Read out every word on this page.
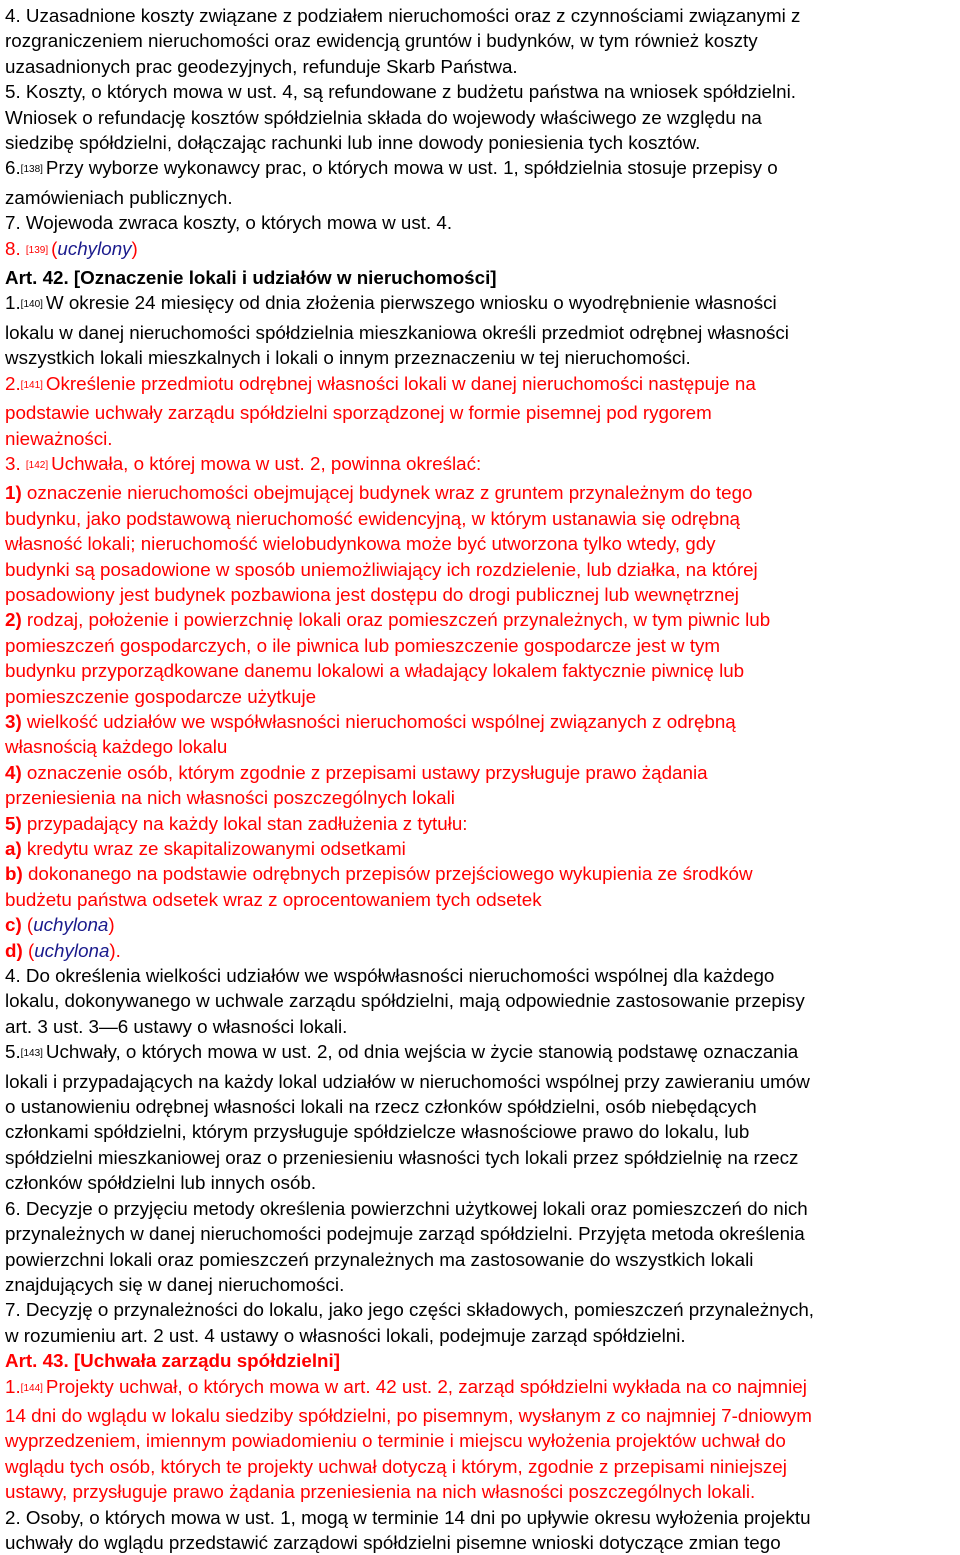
4. Uzasadnione koszty związane z podziałem nieruchomości oraz z czynnościami związanymi z
rozgraniczeniem nieruchomości oraz ewidencją gruntów i budynków, w tym również koszty
uzasadnionych prac geodezyjnych, refunduje Skarb Państwa.
5. Koszty, o których mowa w ust. 4, są refundowane z budżetu państwa na wniosek spółdzielni.
Wniosek o refundację kosztów spółdzielnia składa do wojewody właściwego ze względu na
siedzibę spółdzielni, dołączając rachunki lub inne dowody poniesienia tych kosztów.
6.[138] Przy wyborze wykonawcy prac, o których mowa w ust. 1, spółdzielnia stosuje przepisy o
zamówieniach publicznych.
7. Wojewoda zwraca koszty, o których mowa w ust. 4.
8. [139] (uchylony)
Art. 42. [Oznaczenie lokali i udziałów w nieruchomości]
1.[140] W okresie 24 miesięcy od dnia złożenia pierwszego wniosku o wyodrębnienie własności
lokalu w danej nieruchomości spółdzielnia mieszkaniowa określi przedmiot odrębnej własności
wszystkich lokali mieszkalnych i lokali o innym przeznaczeniu w tej nieruchomości.
2.[141] Określenie przedmiotu odrębnej własności lokali w danej nieruchomości następuje na
podstawie uchwały zarządu spółdzielni sporządzonej w formie pisemnej pod rygorem
nieważności.
3. [142] Uchwała, o której mowa w ust. 2, powinna określać:
1) oznaczenie nieruchomości obejmującej budynek wraz z gruntem przynależnym do tego
budynku, jako podstawową nieruchomość ewidencyjną, w którym ustanawia się odrębną
własność lokali; nieruchomość wielobudynkowa może być utworzona tylko wtedy, gdy
budynki są posadowione w sposób uniemożliwiający ich rozdzielenie, lub działka, na której
posadowiony jest budynek pozbawiona jest dostępu do drogi publicznej lub wewnętrznej
2) rodzaj, położenie i powierzchnię lokali oraz pomieszczeń przynależnych, w tym piwnic lub
pomieszczeń gospodarczych, o ile piwnica lub pomieszczenie gospodarcze jest w tym
budynku przyporządkowane danemu lokalowi a władający lokalem faktycznie piwnicę lub
pomieszczenie gospodarcze użytkuje
3) wielkość udziałów we współwłasności nieruchomości wspólnej związanych z odrębną
własnością każdego lokalu
4) oznaczenie osób, którym zgodnie z przepisami ustawy przysługuje prawo żądania
przeniesienia na nich własności poszczególnych lokali
5) przypadający na każdy lokal stan zadłużenia z tytułu:
a) kredytu wraz ze skapitalizowanymi odsetkami
b) dokonanego na podstawie odrębnych przepisów przejściowego wykupienia ze środków
budżetu państwa odsetek wraz z oprocentowaniem tych odsetek
c) (uchylona)
d) (uchylona).
4. Do określenia wielkości udziałów we współwłasności nieruchomości wspólnej dla każdego
lokalu, dokonywanego w uchwale zarządu spółdzielni, mają odpowiednie zastosowanie przepisy
art. 3 ust. 3—6 ustawy o własności lokali.
5.[143] Uchwały, o których mowa w ust. 2, od dnia wejścia w życie stanowią podstawę oznaczania
lokali i przypadających na każdy lokal udziałów w nieruchomości wspólnej przy zawieraniu umów
o ustanowieniu odrębnej własności lokali na rzecz członków spółdzielni, osób niebędących
członkami spółdzielni, którym przysługuje spółdzielcze własnościowe prawo do lokalu, lub
spółdzielni mieszkaniowej oraz o przeniesieniu własności tych lokali przez spółdzielnię na rzecz
członków spółdzielni lub innych osób.
6. Decyzje o przyjęciu metody określenia powierzchni użytkowej lokali oraz pomieszczeń do nich
przynależnych w danej nieruchomości podejmuje zarząd spółdzielni. Przyjęta metoda określenia
powierzchni lokali oraz pomieszczeń przynależnych ma zastosowanie do wszystkich lokali
znajdujących się w danej nieruchomości.
7. Decyzję o przynależności do lokalu, jako jego części składowych, pomieszczeń przynależnych,
w rozumieniu art. 2 ust. 4 ustawy o własności lokali, podejmuje zarząd spółdzielni.
Art. 43. [Uchwała zarządu spółdzielni]
1.[144] Projekty uchwał, o których mowa w art. 42 ust. 2, zarząd spółdzielni wykłada na co najmniej
14 dni do wglądu w lokalu siedziby spółdzielni, po pisemnym, wysłanym z co najmniej 7-dniowym
wyprzedzeniem, imiennym powiadomieniu o terminie i miejscu wyłożenia projektów uchwał do
wglądu tych osób, których te projekty uchwał dotyczą i którym, zgodnie z przepisami niniejszej
ustawy, przysługuje prawo żądania przeniesienia na nich własności poszczególnych lokali.
2. Osoby, o których mowa w ust. 1, mogą w terminie 14 dni po upływie okresu wyłożenia projektu
uchwały do wglądu przedstawić zarządowi spółdzielni pisemne wnioski dotyczące zmian tego
